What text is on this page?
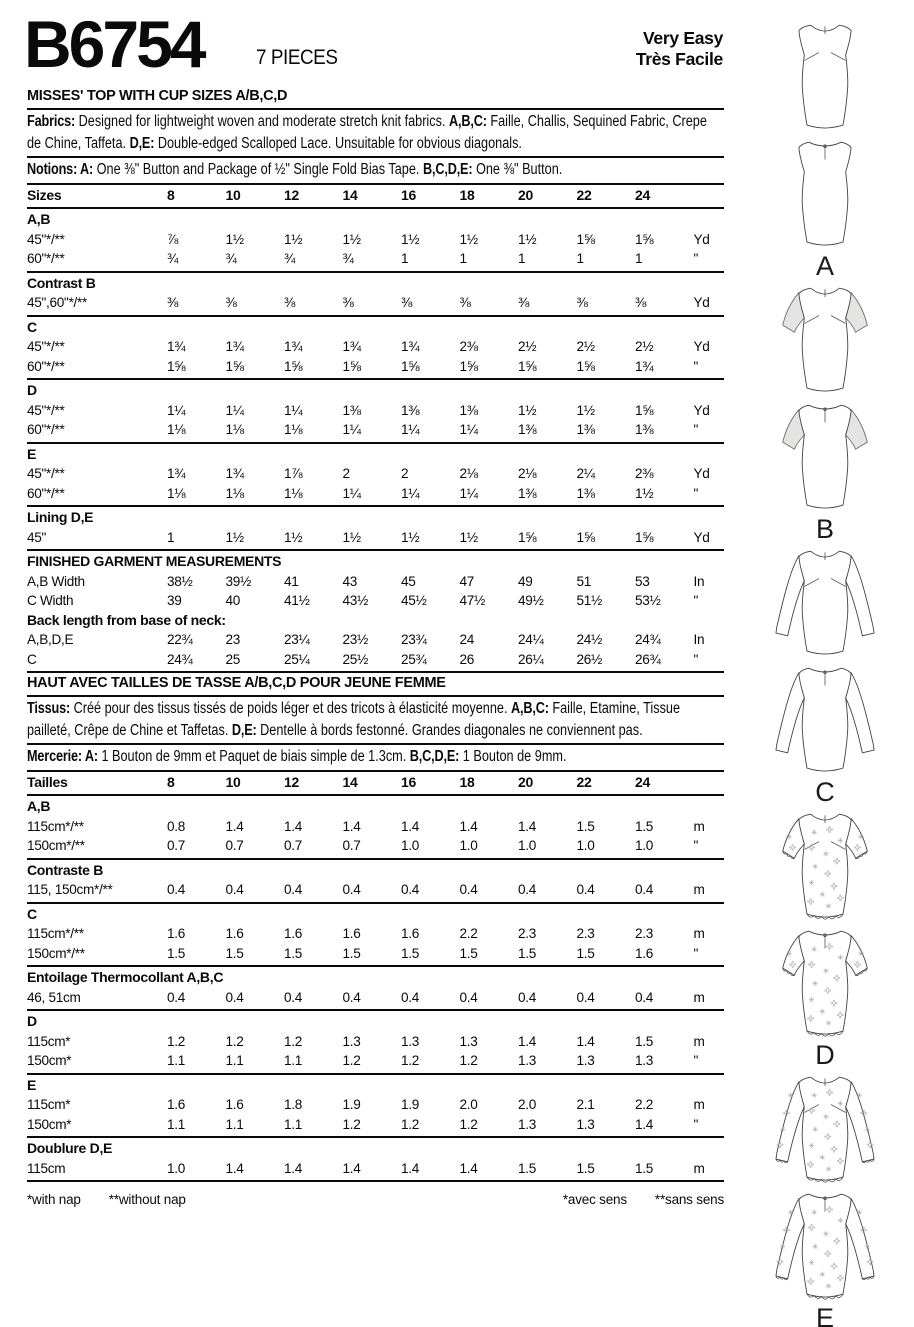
B6754	7 PIECES
Very Easy
Très Facile
MISSES' TOP WITH CUP SIZES A/B,C,D
Fabrics: Designed for lightweight woven and moderate stretch knit fabrics. A,B,C: Faille, Challis, Sequined Fabric, Crepe de Chine, Taffeta. D,E: Double-edged Scalloped Lace. Unsuitable for obvious diagonals.
Notions: A: One ⅜" Button and Package of ½" Single Fold Bias Tape. B,C,D,E: One ⅜" Button.
Sizes	8	10	12	14	16	18	20	22	24
A,B
45"*/**	⅞	1½	1½	1½	1½	1½	1½	1⅝	1⅝	Yd
60"*/**	¾	¾	¾	¾	1	1	1	1	1	"
Contrast B
45",60"*/**	⅜	⅜	⅜	⅜	⅜	⅜	⅜	⅜	⅜	Yd
C
45"*/**	1¾	1¾	1¾	1¾	1¾	2⅜	2½	2½	2½	Yd
60"*/**	1⅝	1⅝	1⅝	1⅝	1⅝	1⅝	1⅝	1⅝	1¾	"
D
45"*/**	1¼	1¼	1¼	1⅜	1⅜	1⅜	1½	1½	1⅝	Yd
60"*/**	1⅛	1⅛	1⅛	1¼	1¼	1¼	1⅜	1⅜	1⅜	"
E
45"*/**	1¾	1¾	1⅞	2	2	2⅛	2⅛	2¼	2⅜	Yd
60"*/**	1⅛	1⅛	1⅛	1¼	1¼	1¼	1⅜	1⅜	1½	"
Lining D,E
45"	1	1½	1½	1½	1½	1½	1⅝	1⅝	1⅝	Yd
FINISHED GARMENT MEASUREMENTS
A,B Width	38½	39½	41	43	45	47	49	51	53	In
C Width	39	40	41½	43½	45½	47½	49½	51½	53½	"
Back length from base of neck:
A,B,D,E	22¾	23	23¼	23½	23¾	24	24¼	24½	24¾	In
C	24¾	25	25¼	25½	25¾	26	26¼	26½	26¾	"
HAUT AVEC TAILLES DE TASSE A/B,C,D POUR JEUNE FEMME
Tissus: Créé pour des tissus tissés de poids léger et des tricots à élasticité moyenne. A,B,C: Faille, Etamine, Tissue pailleté, Crêpe de Chine et Taffetas. D,E: Dentelle à bords festonné. Grandes diagonales ne conviennent pas.
Mercerie: A: 1 Bouton de 9mm et Paquet de biais simple de 1.3cm. B,C,D,E: 1 Bouton de 9mm.
Tailles	8	10	12	14	16	18	20	22	24
A,B
115cm*/**	0.8	1.4	1.4	1.4	1.4	1.4	1.4	1.5	1.5	m
150cm*/**	0.7	0.7	0.7	0.7	1.0	1.0	1.0	1.0	1.0	"
Contraste B
115, 150cm*/**	0.4	0.4	0.4	0.4	0.4	0.4	0.4	0.4	0.4	m
C
115cm*/**	1.6	1.6	1.6	1.6	1.6	2.2	2.3	2.3	2.3	m
150cm*/**	1.5	1.5	1.5	1.5	1.5	1.5	1.5	1.5	1.6	"
Entoilage Thermocollant A,B,C
46, 51cm	0.4	0.4	0.4	0.4	0.4	0.4	0.4	0.4	0.4	m
D
115cm*	1.2	1.2	1.2	1.3	1.3	1.3	1.4	1.4	1.5	m
150cm*	1.1	1.1	1.1	1.2	1.2	1.2	1.3	1.3	1.3	"
E
115cm*	1.6	1.6	1.8	1.9	1.9	2.0	2.0	2.1	2.2	m
150cm*	1.1	1.1	1.1	1.2	1.2	1.2	1.3	1.3	1.4	"
Doublure D,E
115cm	1.0	1.4	1.4	1.4	1.4	1.4	1.5	1.5	1.5	m
*with nap **without nap	*avec sens **sans sens
A
B
C
D
E
